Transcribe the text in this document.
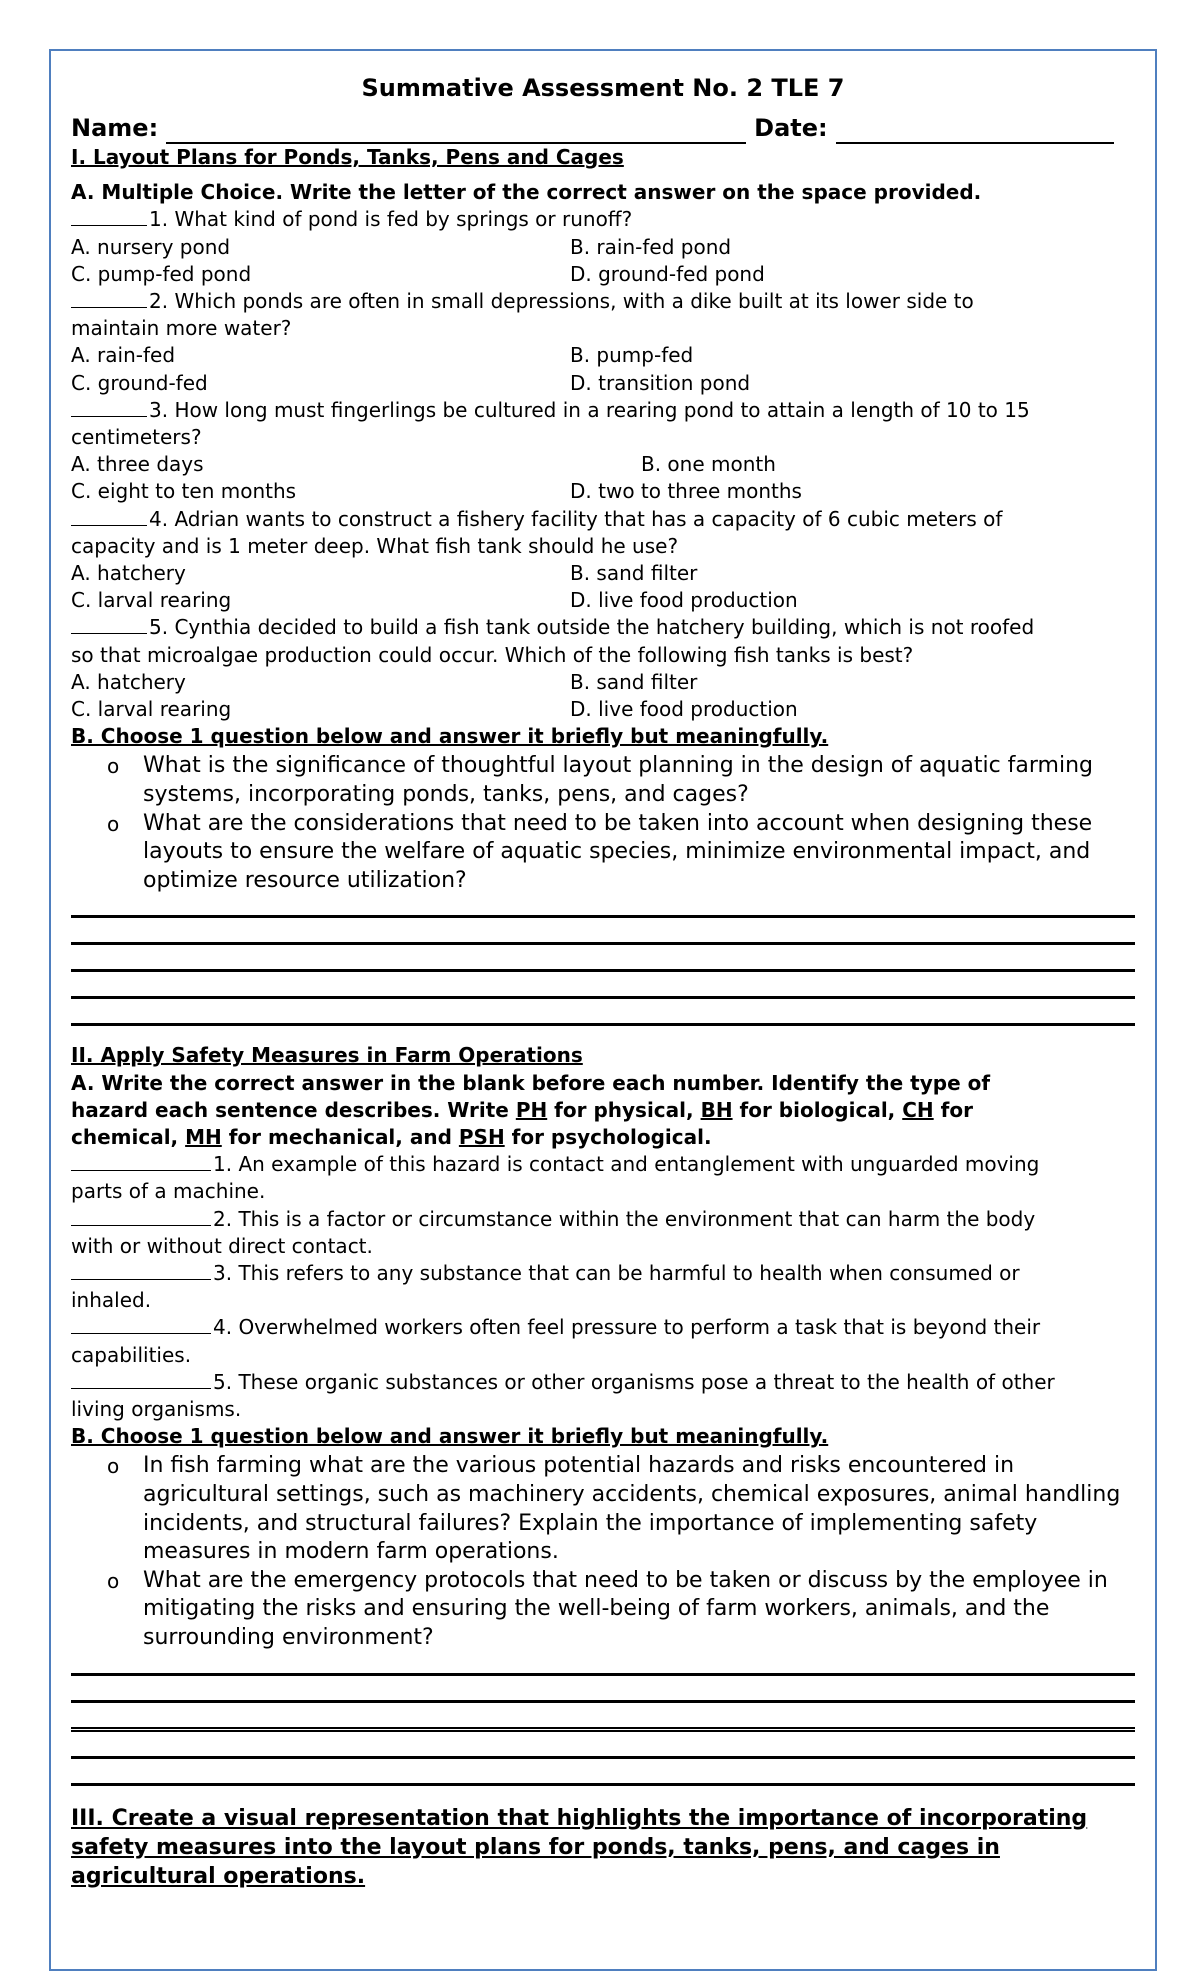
Summative Assessment No. 2 TLE 7
Name:	Date:
I. Layout Plans for Ponds, Tanks, Pens and Cages
A. Multiple Choice. Write the letter of the correct answer on the space provided.
1. What kind of pond is fed by springs or runoff?
A. nursery pond	B. rain-fed pond
C. pump-fed pond	D. ground-fed pond
2. Which ponds are often in small depressions, with a dike built at its lower side to
maintain more water?
A. rain-fed	B. pump-fed
C. ground-fed	D. transition pond
3. How long must fingerlings be cultured in a rearing pond to attain a length of 10 to 15
centimeters?
A. three days	B. one month
C. eight to ten months	D. two to three months
4. Adrian wants to construct a fishery facility that has a capacity of 6 cubic meters of
capacity and is 1 meter deep. What fish tank should he use?
A. hatchery	B. sand filter
C. larval rearing	D. live food production
5. Cynthia decided to build a fish tank outside the hatchery building, which is not roofed
so that microalgae production could occur. Which of the following fish tanks is best?
A. hatchery	B. sand filter
C. larval rearing	D. live food production
B. Choose 1 question below and answer it briefly but meaningfully.
o What is the significance of thoughtful layout planning in the design of aquatic farming systems, incorporating ponds, tanks, pens, and cages?
o What are the considerations that need to be taken into account when designing these layouts to ensure the welfare of aquatic species, minimize environmental impact, and optimize resource utilization?
II. Apply Safety Measures in Farm Operations
A. Write the correct answer in the blank before each number. Identify the type of
hazard each sentence describes. Write PH for physical, BH for biological, CH for
chemical, MH for mechanical, and PSH for psychological.
1. An example of this hazard is contact and entanglement with unguarded moving
parts of a machine.
2. This is a factor or circumstance within the environment that can harm the body
with or without direct contact.
3. This refers to any substance that can be harmful to health when consumed or
inhaled.
4. Overwhelmed workers often feel pressure to perform a task that is beyond their
capabilities.
5. These organic substances or other organisms pose a threat to the health of other
living organisms.
B. Choose 1 question below and answer it briefly but meaningfully.
o In fish farming what are the various potential hazards and risks encountered in agricultural settings, such as machinery accidents, chemical exposures, animal handling incidents, and structural failures? Explain the importance of implementing safety measures in modern farm operations.
o What are the emergency protocols that need to be taken or discuss by the employee in mitigating the risks and ensuring the well-being of farm workers, animals, and the surrounding environment?
III. Create a visual representation that highlights the importance of incorporating safety measures into the layout plans for ponds, tanks, pens, and cages in agricultural operations.
